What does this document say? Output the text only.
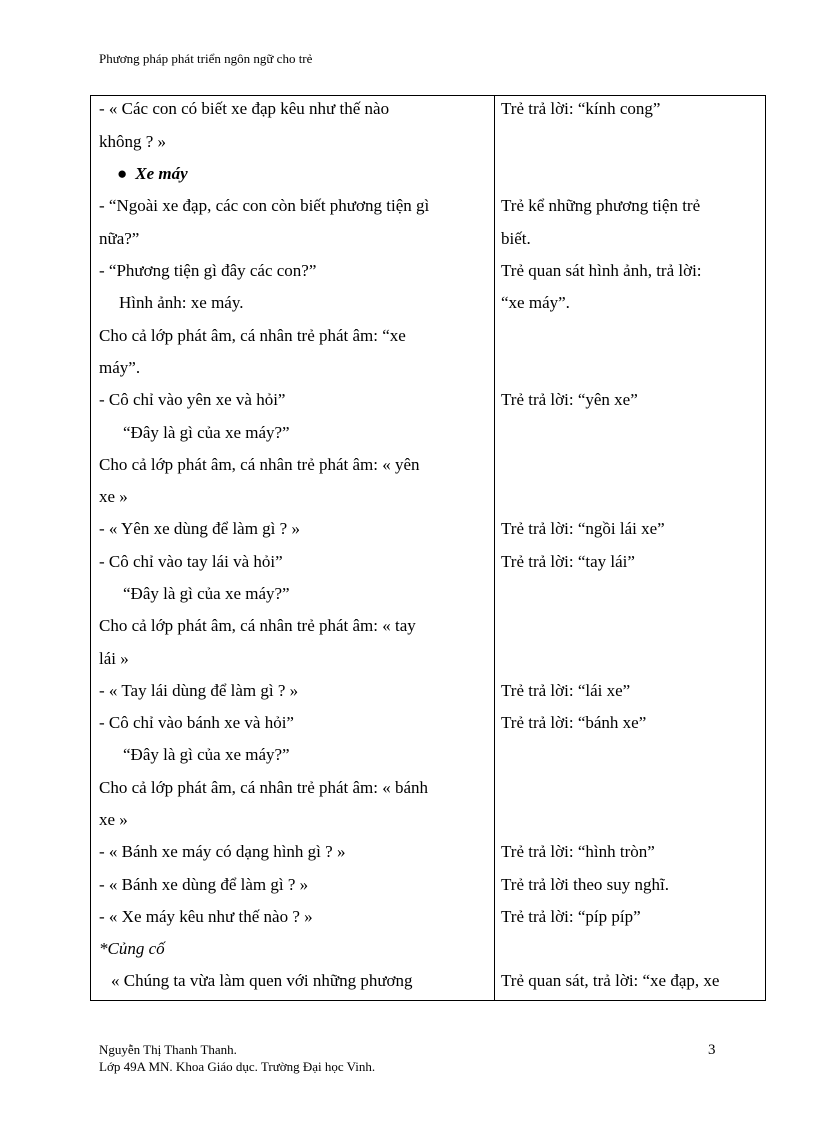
Phương pháp phát triển ngôn ngữ cho trẻ
- « Các con có biết xe đạp kêu như thế nào
không ? »
● Xe máy
- “Ngoài xe đạp, các con còn biết phương tiện gì
nữa?”
- “Phương tiện gì đây các con?”
Hình ảnh: xe máy.
Cho cả lớp phát âm, cá nhân trẻ phát âm: “xe
máy”.
- Cô chỉ vào yên xe và hỏi”
“Đây là gì của xe máy?”
Cho cả lớp phát âm, cá nhân trẻ phát âm: « yên
xe »
- « Yên xe dùng để làm gì ? »
- Cô chỉ vào tay lái và hỏi”
“Đây là gì của xe máy?”
Cho cả lớp phát âm, cá nhân trẻ phát âm: « tay
lái »
- « Tay lái dùng để làm gì ? »
- Cô chỉ vào bánh xe và hỏi”
“Đây là gì của xe máy?”
Cho cả lớp phát âm, cá nhân trẻ phát âm: « bánh
xe »
- « Bánh xe máy có dạng hình gì ? »
- « Bánh xe dùng để làm gì ? »
- « Xe máy kêu như thế nào ? »
*Củng cố
« Chúng ta vừa làm quen với những phương
Trẻ trả lời: “kính cong”
Trẻ kể những phương tiện trẻ
biết.
Trẻ quan sát hình ảnh, trả lời:
“xe máy”.
Trẻ trả lời: “yên xe”
Trẻ trả lời: “ngồi lái xe”
Trẻ trả lời: “tay lái”
Trẻ trả lời: “lái xe”
Trẻ trả lời: “bánh xe”
Trẻ trả lời: “hình tròn”
Trẻ trả lời theo suy nghĩ.
Trẻ trả lời: “píp píp”
Trẻ quan sát, trả lời: “xe đạp, xe
Nguyễn Thị Thanh Thanh.
Lớp 49A MN. Khoa Giáo dục. Trường Đại học Vinh.
3
